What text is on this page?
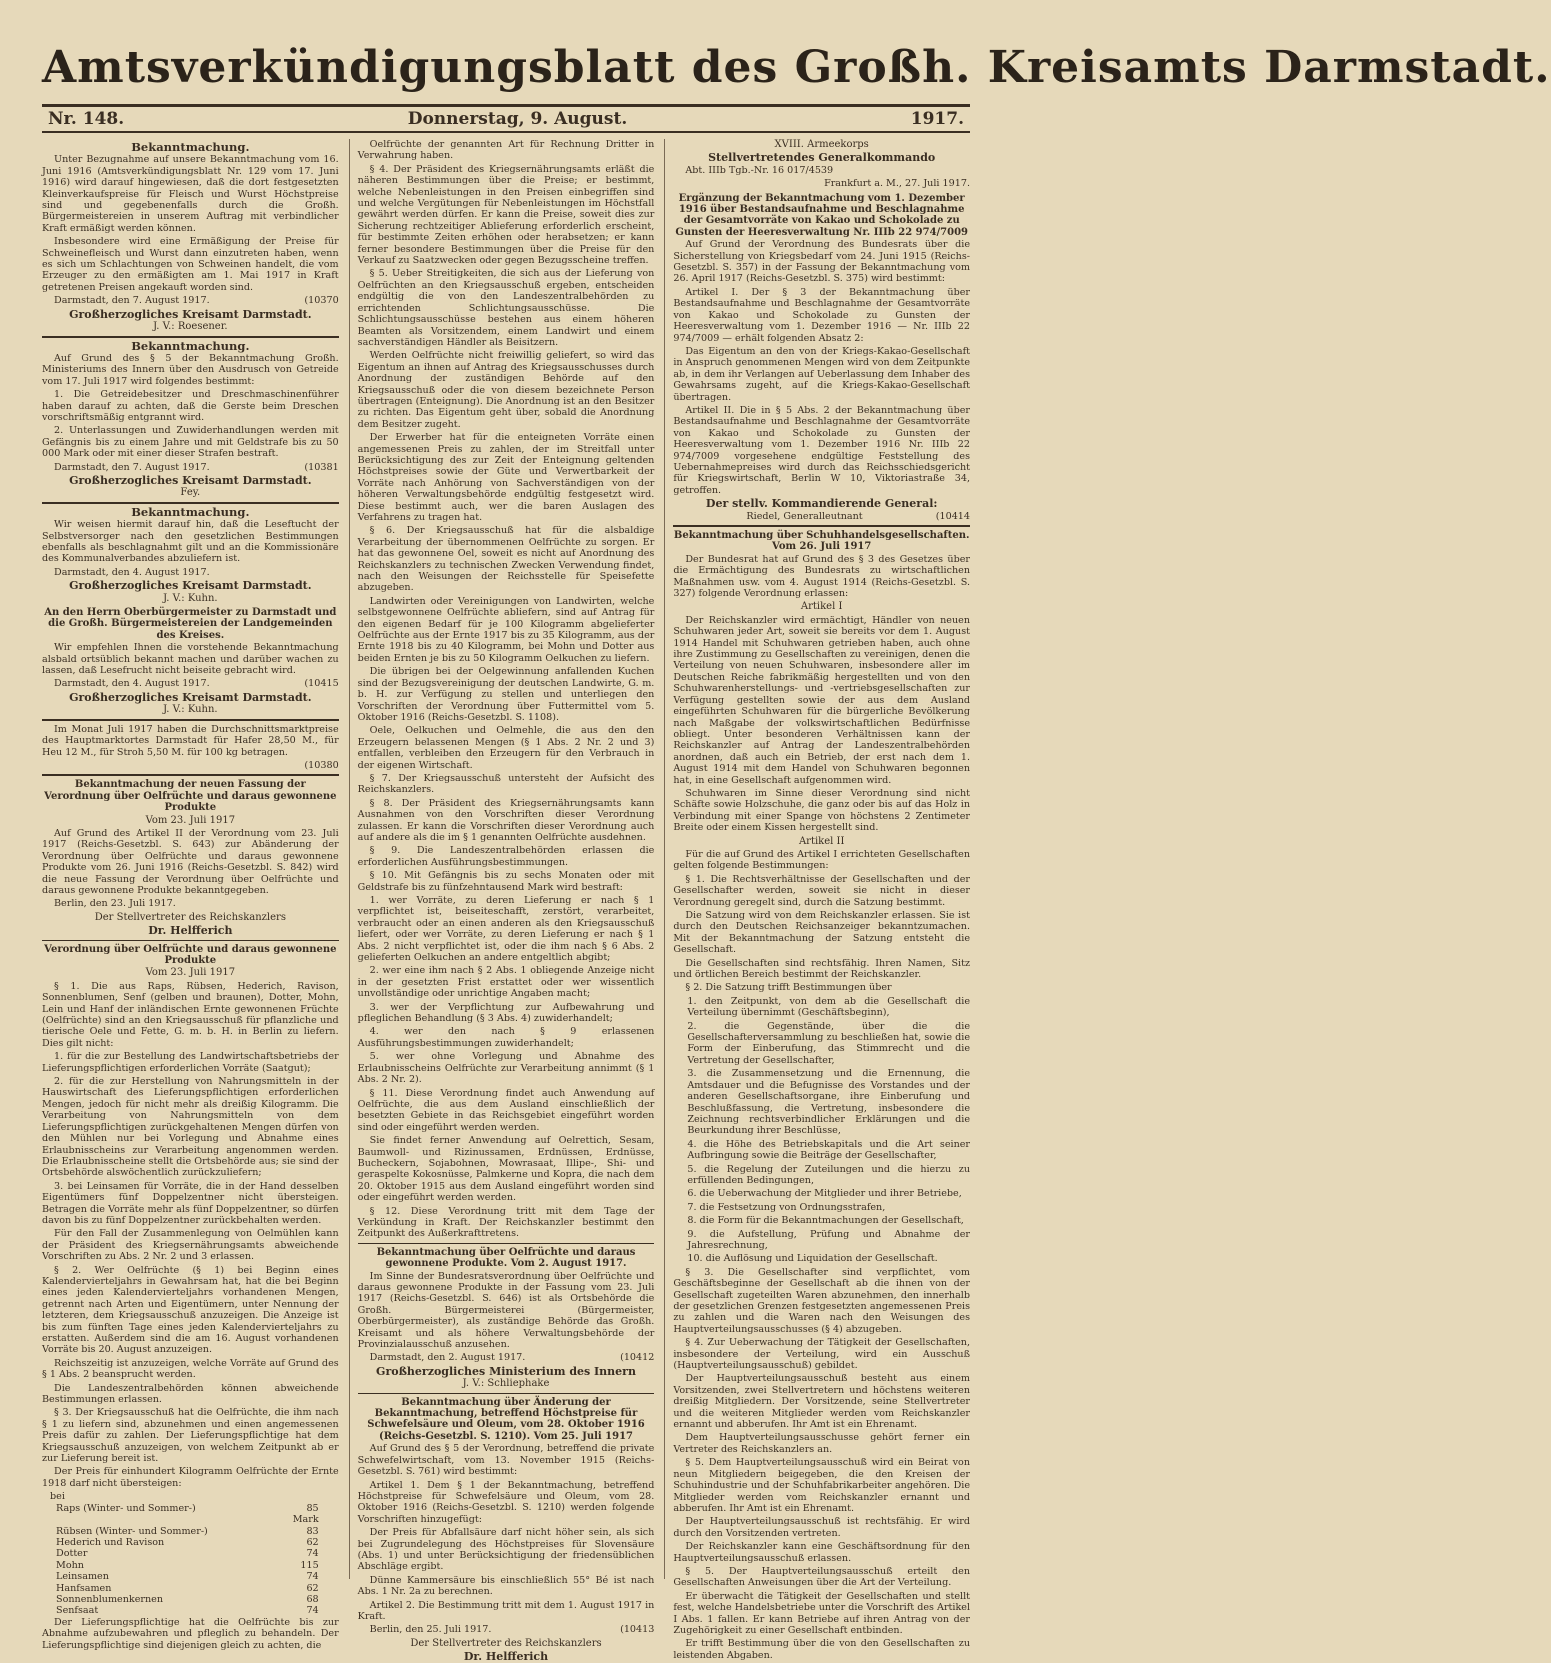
Amtsverkündigungsblatt des Großh. Kreisamts Darmstadt.
Nr. 148.	Donnerstag, 9. August.	1917.
Bekanntmachung.

Unter Bezugnahme auf unsere Bekanntmachung vom 16. Juni 1916 (Amtsverkündigungsblatt Nr. 129 vom 17. Juni 1916) wird darauf hingewiesen, daß die dort festgesetzten Kleinverkaufspreise für Fleisch und Wurst Höchstpreise sind und gegebenenfalls durch die Großh. Bürgermeistereien in unserem Auftrag mit verbindlicher Kraft ermäßigt werden können.

Insbesondere wird eine Ermäßigung der Preise für Schweinefleisch und Wurst dann einzutreten haben, wenn es sich um Schlachtungen von Schweinen handelt, die vom Erzeuger zu den ermäßigten am 1. Mai 1917 in Kraft getretenen Preisen angekauft worden sind.

Darmstadt, den 7. August 1917.	(10370

Großherzogliches Kreisamt Darmstadt.
J. V.: Roesener.
Bekanntmachung.

Auf Grund des § 5 der Bekanntmachung Großh. Ministeriums des Innern über den Ausdrusch von Getreide vom 17. Juli 1917 wird folgendes bestimmt:

1. Die Getreidebesitzer und Dreschmaschinenführer haben darauf zu achten, daß die Gerste beim Dreschen vorschriftsmäßig entgrannt wird.

2. Unterlassungen und Zuwiderhandlungen werden mit Gefängnis bis zu einem Jahre und mit Geldstrafe bis zu 50 000 Mark oder mit einer dieser Strafen bestraft.

Darmstadt, den 7. August 1917.	(10381

Großherzogliches Kreisamt Darmstadt.
Fey.
Bekanntmachung.

Wir weisen hiermit darauf hin, daß die Leseftucht der Selbstversorger nach den gesetzlichen Bestimmungen ebenfalls als beschlagnahmt gilt und an die Kommissionäre des Kommunalverbandes abzuliefern ist.

Darmstadt, den 4. August 1917.

Großherzogliches Kreisamt Darmstadt.
J. V.: Kuhn.
An den Herrn Oberbürgermeister zu Darmstadt und die Großh. Bürgermeistereien der Landgemeinden des Kreises.

Wir empfehlen Ihnen die vorstehende Bekanntmachung alsbald ortsüblich bekannt machen und darüber wachen zu lassen, daß Lesefrucht nicht beiseite gebracht wird.

Darmstadt, den 4. August 1917.	(10415

Großherzogliches Kreisamt Darmstadt.
J. V.: Kuhn.

Im Monat Juli 1917 haben die Durchschnittsmarktpreise des Hauptmarktortes Darmstadt für Hafer 28,50 M., für Heu 12 M., für Stroh 5,50 M. für 100 kg betragen.

(10380

Bekanntmachung der neuen Fassung der Verordnung über Oelfrüchte und daraus gewonnene Produkte
Vom 23. Juli 1917

Auf Grund des Artikel II der Verordnung vom 23. Juli 1917 (Reichs-Gesetzbl. S. 643) zur Abänderung der Verordnung über Oelfrüchte und daraus gewonnene Produkte vom 26. Juni 1916 (Reichs-Gesetzbl. S. 842) wird die neue Fassung der Verordnung über Oelfrüchte und daraus gewonnene Produkte bekanntgegeben.

Berlin, den 23. Juli 1917.

Der Stellvertreter des Reichskanzlers
Dr. Helfferich
Verordnung über Oelfrüchte und daraus gewonnene Produkte
Vom 23. Juli 1917

§ 1. Die aus Raps, Rübsen, Hederich, Ravison, Sonnenblumen, Senf (gelben und braunen), Dotter, Mohn, Lein und Hanf der inländischen Ernte gewonnenen Früchte (Oelfrüchte) sind an den Kriegsausschuß für pflanzliche und tierische Oele und Fette, G. m. b. H. in Berlin zu liefern. Dies gilt nicht:

1. für die zur Bestellung des Landwirtschaftsbetriebs der Lieferungspflichtigen erforderlichen Vorräte (Saatgut);

2. für die zur Herstellung von Nahrungsmitteln in der Hauswirtschaft des Lieferungspflichtigen erforderlichen Mengen, jedoch für nicht mehr als dreißig Kilogramm. Die Verarbeitung von Nahrungsmitteln von dem Lieferungspflichtigen zurückgehaltenen Mengen dürfen von den Mühlen nur bei Vorlegung und Abnahme eines Erlaubnisscheins zur Verarbeitung angenommen werden. Die Erlaubnisscheine stellt die Ortsbehörde aus; sie sind der Ortsbehörde alswöchentlich zurückzuliefern;

3. bei Leinsamen für Vorräte, die in der Hand desselben Eigentümers fünf Doppelzentner nicht übersteigen. Betragen die Vorräte mehr als fünf Doppelzentner, so dürfen davon bis zu fünf Doppelzentner zurückbehalten werden.

Für den Fall der Zusammenlegung von Oelmühlen kann der Präsident des Kriegsernährungsamts abweichende Vorschriften zu Abs. 2 Nr. 2 und 3 erlassen.

§ 2. Wer Oelfrüchte (§ 1) bei Beginn eines Kalendervierteljahrs in Gewahrsam hat, hat die bei Beginn eines jeden Kalendervierteljahrs vorhandenen Mengen, getrennt nach Arten und Eigentümern, unter Nennung der letzteren, dem Kriegsausschuß anzuzeigen. Die Anzeige ist bis zum fünften Tage eines jeden Kalendervierteljahrs zu erstatten. Außerdem sind die am 16. August vorhandenen Vorräte bis 20. August anzuzeigen.

Reichszeitig ist anzuzeigen, welche Vorräte auf Grund des § 1 Abs. 2 beansprucht werden.

Die Landeszentralbehörden können abweichende Bestimmungen erlassen.

§ 3. Der Kriegsausschuß hat die Oelfrüchte, die ihm nach § 1 zu liefern sind, abzunehmen und einen angemessenen Preis dafür zu zahlen. Der Lieferungspflichtige hat dem Kriegsausschuß anzuzeigen, von welchem Zeitpunkt ab er zur Lieferung bereit ist.

Der Preis für einhundert Kilogramm Oelfrüchte der Ernte 1918 darf nicht übersteigen:

bei
Raps (Winter- und Sommer-)	85 Mark
Rübsen (Winter- und Sommer-)	83
Hederich und Ravison	62
Dotter	74
Mohn	115
Leinsamen	74
Hanfsamen	62
Sonnenblumenkernen	68
Senfsaat	74

Der Lieferungspflichtige hat die Oelfrüchte bis zur Abnahme aufzubewahren und pfleglich zu behandeln. Der Lieferungspflichtige sind diejenigen gleich zu achten, die

Oelfrüchte der genannten Art für Rechnung Dritter in Verwahrung haben.

§ 4. Der Präsident des Kriegsernährungsamts erläßt die näheren Bestimmungen über die Preise; er bestimmt, welche Nebenleistungen in den Preisen einbegriffen sind und welche Vergütungen für Nebenleistungen im Höchstfall gewährt werden dürfen. Er kann die Preise, soweit dies zur Sicherung rechtzeitiger Ablieferung erforderlich erscheint, für bestimmte Zeiten erhöhen oder herabsetzen; er kann ferner besondere Bestimmungen über die Preise für den Verkauf zu Saatzwecken oder gegen Bezugsscheine treffen.

§ 5. Ueber Streitigkeiten, die sich aus der Lieferung von Oelfrüchten an den Kriegsausschuß ergeben, entscheiden endgültig die von den Landeszentralbehörden zu errichtenden Schlichtungsausschüsse. Die Schlichtungsausschüsse bestehen aus einem höheren Beamten als Vorsitzendem, einem Landwirt und einem sachverständigen Händler als Beisitzern.

Werden Oelfrüchte nicht freiwillig geliefert, so wird das Eigentum an ihnen auf Antrag des Kriegsausschusses durch Anordnung der zuständigen Behörde auf den Kriegsausschuß oder die von diesem bezeichnete Person übertragen (Enteignung). Die Anordnung ist an den Besitzer zu richten. Das Eigentum geht über, sobald die Anordnung dem Besitzer zugeht.

Der Erwerber hat für die enteigneten Vorräte einen angemessenen Preis zu zahlen, der im Streitfall unter Berücksichtigung des zur Zeit der Enteignung geltenden Höchstpreises sowie der Güte und Verwertbarkeit der Vorräte nach Anhörung von Sachverständigen von der höheren Verwaltungsbehörde endgültig festgesetzt wird. Diese bestimmt auch, wer die baren Auslagen des Verfahrens zu tragen hat.

§ 6. Der Kriegsausschuß hat für die alsbaldige Verarbeitung der übernommenen Oelfrüchte zu sorgen. Er hat das gewonnene Oel, soweit es nicht auf Anordnung des Reichskanzlers zu technischen Zwecken Verwendung findet, nach den Weisungen der Reichsstelle für Speisefette abzugeben.

Landwirten oder Vereinigungen von Landwirten, welche selbstgewonnene Oelfrüchte abliefern, sind auf Antrag für den eigenen Bedarf für je 100 Kilogramm abgelieferter Oelfrüchte aus der Ernte 1917 bis zu 35 Kilogramm, aus der Ernte 1918 bis zu 40 Kilogramm, bei Mohn und Dotter aus beiden Ernten je bis zu 50 Kilogramm Oelkuchen zu liefern.

Die übrigen bei der Oelgewinnung anfallenden Kuchen sind der Bezugsvereinigung der deutschen Landwirte, G. m. b. H. zur Verfügung zu stellen und unterliegen den Vorschriften der Verordnung über Futtermittel vom 5. Oktober 1916 (Reichs-Gesetzbl. S. 1108).

Oele, Oelkuchen und Oelmehle, die aus den den Erzeugern belassenen Mengen (§ 1 Abs. 2 Nr. 2 und 3) entfallen, verbleiben den Erzeugern für den Verbrauch in der eigenen Wirtschaft.

§ 7. Der Kriegsausschuß untersteht der Aufsicht des Reichskanzlers.

§ 8. Der Präsident des Kriegsernährungsamts kann Ausnahmen von den Vorschriften dieser Verordnung zulassen. Er kann die Vorschriften dieser Verordnung auch auf andere als die im § 1 genannten Oelfrüchte ausdehnen.

§ 9. Die Landeszentralbehörden erlassen die erforderlichen Ausführungsbestimmungen.

§ 10. Mit Gefängnis bis zu sechs Monaten oder mit Geldstrafe bis zu fünfzehntausend Mark wird bestraft:

1. wer Vorräte, zu deren Lieferung er nach § 1 verpflichtet ist, beiseiteschafft, zerstört, verarbeitet, verbraucht oder an einen anderen als den Kriegsausschuß liefert, oder wer Vorräte, zu deren Lieferung er nach § 1 Abs. 2 nicht verpflichtet ist, oder die ihm nach § 6 Abs. 2 gelieferten Oelkuchen an andere entgeltlich abgibt;

2. wer eine ihm nach § 2 Abs. 1 obliegende Anzeige nicht in der gesetzten Frist erstattet oder wer wissentlich unvollständige oder unrichtige Angaben macht;

3. wer der Verpflichtung zur Aufbewahrung und pfleglichen Behandlung (§ 3 Abs. 4) zuwiderhandelt;

4. wer den nach § 9 erlassenen Ausführungsbestimmungen zuwiderhandelt;

5. wer ohne Vorlegung und Abnahme des Erlaubnisscheins Oelfrüchte zur Verarbeitung annimmt (§ 1 Abs. 2 Nr. 2).

§ 11. Diese Verordnung findet auch Anwendung auf Oelfrüchte, die aus dem Ausland einschließlich der besetzten Gebiete in das Reichsgebiet eingeführt worden sind oder eingeführt werden werden.

Sie findet ferner Anwendung auf Oelrettich, Sesam, Baumwoll- und Rizinussamen, Erdnüssen, Erdnüsse, Bucheckern, Sojabohnen, Mowrasaat, Illipe-, Shi- und geraspelte Kokosnüsse, Palmkerne und Kopra, die nach dem 20. Oktober 1915 aus dem Ausland eingeführt worden sind oder eingeführt werden werden.

§ 12. Diese Verordnung tritt mit dem Tage der Verkündung in Kraft. Der Reichskanzler bestimmt den Zeitpunkt des Außerkrafttretens.

Bekanntmachung über Oelfrüchte und daraus gewonnene Produkte. Vom 2. August 1917.

Im Sinne der Bundesratsverordnung über Oelfrüchte und daraus gewonnene Produkte in der Fassung vom 23. Juli 1917 (Reichs-Gesetzbl. S. 646) ist als Ortsbehörde die Großh. Bürgermeisterei (Bürgermeister, Oberbürgermeister), als zuständige Behörde das Großh. Kreisamt und als höhere Verwaltungsbehörde der Provinzialausschuß anzusehen.

Darmstadt, den 2. August 1917.	(10412

Großherzogliches Ministerium des Innern
J. V.: Schliephake
Bekanntmachung über Änderung der Bekanntmachung, betreffend Höchstpreise für Schwefelsäure und Oleum, vom 28. Oktober 1916 (Reichs-Gesetzbl. S. 1210). Vom 25. Juli 1917

Auf Grund des § 5 der Verordnung, betreffend die private Schwefelwirtschaft, vom 13. November 1915 (Reichs-Gesetzbl. S. 761) wird bestimmt:

Artikel 1. Dem § 1 der Bekanntmachung, betreffend Höchstpreise für Schwefelsäure und Oleum, vom 28. Oktober 1916 (Reichs-Gesetzbl. S. 1210) werden folgende Vorschriften hinzugefügt:

Der Preis für Abfallsäure darf nicht höher sein, als sich bei Zugrundelegung des Höchstpreises für Slovensäure (Abs. 1) und unter Berücksichtigung der friedensüblichen Abschläge ergibt.

Dünne Kammersäure bis einschließlich 55° Bé ist nach Abs. 1 Nr. 2a zu berechnen.

Artikel 2. Die Bestimmung tritt mit dem 1. August 1917 in Kraft.

Berlin, den 25. Juli 1917.	(10413

Der Stellvertreter des Reichskanzlers
Dr. Helfferich
XVIII. Armeekorps
Stellvertretendes Generalkommando

Abt. IIIb Tgb.-Nr. 16 017/4539

Frankfurt a. M., 27. Juli 1917.

Ergänzung der Bekanntmachung vom 1. Dezember 1916 über Bestandsaufnahme und Beschlagnahme der Gesamtvorräte von Kakao und Schokolade zu Gunsten der Heeresverwaltung Nr. IIIb 22 974/7009

Auf Grund der Verordnung des Bundesrats über die Sicherstellung von Kriegsbedarf vom 24. Juni 1915 (Reichs-Gesetzbl. S. 357) in der Fassung der Bekanntmachung vom 26. April 1917 (Reichs-Gesetzbl. S. 375) wird bestimmt:

Artikel I. Der § 3 der Bekanntmachung über Bestandsaufnahme und Beschlagnahme der Gesamtvorräte von Kakao und Schokolade zu Gunsten der Heeresverwaltung vom 1. Dezember 1916 — Nr. IIIb 22 974/7009 — erhält folgenden Absatz 2:

Das Eigentum an den von der Kriegs-Kakao-Gesellschaft in Anspruch genommenen Mengen wird von dem Zeitpunkte ab, in dem ihr Verlangen auf Ueberlassung dem Inhaber des Gewahrsams zugeht, auf die Kriegs-Kakao-Gesellschaft übertragen.

Artikel II. Die in § 5 Abs. 2 der Bekanntmachung über Bestandsaufnahme und Beschlagnahme der Gesamtvorräte von Kakao und Schokolade zu Gunsten der Heeresverwaltung vom 1. Dezember 1916 Nr. IIIb 22 974/7009 vorgesehene endgültige Feststellung des Uebernahmepreises wird durch das Reichsschiedsgericht für Kriegswirtschaft, Berlin W 10, Viktoriastraße 34, getroffen.

Der stellv. Kommandierende General:

Riedel, Generalleutnant	(10414

Bekanntmachung über Schuhhandelsgesellschaften. Vom 26. Juli 1917

Der Bundesrat hat auf Grund des § 3 des Gesetzes über die Ermächtigung des Bundesrats zu wirtschaftlichen Maßnahmen usw. vom 4. August 1914 (Reichs-Gesetzbl. S. 327) folgende Verordnung erlassen:

Artikel I

Der Reichskanzler wird ermächtigt, Händler von neuen Schuhwaren jeder Art, soweit sie bereits vor dem 1. August 1914 Handel mit Schuhwaren getrieben haben, auch ohne ihre Zustimmung zu Gesellschaften zu vereinigen, denen die Verteilung von neuen Schuhwaren, insbesondere aller im Deutschen Reiche fabrikmäßig hergestellten und von den Schuhwarenherstellungs- und -vertriebsgesellschaften zur Verfügung gestellten sowie der aus dem Ausland eingeführten Schuhwaren für die bürgerliche Bevölkerung nach Maßgabe der volkswirtschaftlichen Bedürfnisse obliegt. Unter besonderen Verhältnissen kann der Reichskanzler auf Antrag der Landeszentralbehörden anordnen, daß auch ein Betrieb, der erst nach dem 1. August 1914 mit dem Handel von Schuhwaren begonnen hat, in eine Gesellschaft aufgenommen wird.

Schuhwaren im Sinne dieser Verordnung sind nicht Schäfte sowie Holzschuhe, die ganz oder bis auf das Holz in Verbindung mit einer Spange von höchstens 2 Zentimeter Breite oder einem Kissen hergestellt sind.

Artikel II

Für die auf Grund des Artikel I errichteten Gesellschaften gelten folgende Bestimmungen:

§ 1. Die Rechtsverhältnisse der Gesellschaften und der Gesellschafter werden, soweit sie nicht in dieser Verordnung geregelt sind, durch die Satzung bestimmt.

Die Satzung wird von dem Reichskanzler erlassen. Sie ist durch den Deutschen Reichsanzeiger bekanntzumachen. Mit der Bekanntmachung der Satzung entsteht die Gesellschaft.

Die Gesellschaften sind rechtsfähig. Ihren Namen, Sitz und örtlichen Bereich bestimmt der Reichskanzler.

§ 2. Die Satzung trifft Bestimmungen über

1. den Zeitpunkt, von dem ab die Gesellschaft die Verteilung übernimmt (Geschäftsbeginn),

2. die Gegenstände, über die die Gesellschafterversammlung zu beschließen hat, sowie die Form der Einberufung, das Stimmrecht und die Vertretung der Gesellschafter,

3. die Zusammensetzung und die Ernennung, die Amtsdauer und die Befugnisse des Vorstandes und der anderen Gesellschaftsorgane, ihre Einberufung und Beschlußfassung, die Vertretung, insbesondere die Zeichnung rechtsverbindlicher Erklärungen und die Beurkundung ihrer Beschlüsse,

4. die Höhe des Betriebskapitals und die Art seiner Aufbringung sowie die Beiträge der Gesellschafter,

5. die Regelung der Zuteilungen und die hierzu zu erfüllenden Bedingungen,

6. die Ueberwachung der Mitglieder und ihrer Betriebe,

7. die Festsetzung von Ordnungsstrafen,

8. die Form für die Bekanntmachungen der Gesellschaft,

9. die Aufstellung, Prüfung und Abnahme der Jahresrechnung,

10. die Auflösung und Liquidation der Gesellschaft.

§ 3. Die Gesellschafter sind verpflichtet, vom Geschäftsbeginne der Gesellschaft ab die ihnen von der Gesellschaft zugeteilten Waren abzunehmen, den innerhalb der gesetzlichen Grenzen festgesetzten angemessenen Preis zu zahlen und die Waren nach den Weisungen des Hauptverteilungsausschusses (§ 4) abzugeben.

§ 4. Zur Ueberwachung der Tätigkeit der Gesellschaften, insbesondere der Verteilung, wird ein Ausschuß (Hauptverteilungsausschuß) gebildet.

Der Hauptverteilungsausschuß besteht aus einem Vorsitzenden, zwei Stellvertretern und höchstens weiteren dreißig Mitgliedern. Der Vorsitzende, seine Stellvertreter und die weiteren Mitglieder werden vom Reichskanzler ernannt und abberufen. Ihr Amt ist ein Ehrenamt.

Dem Hauptverteilungsausschusse gehört ferner ein Vertreter des Reichskanzlers an.

§ 5. Dem Hauptverteilungsausschuß wird ein Beirat von neun Mitgliedern beigegeben, die den Kreisen der Schuhindustrie und der Schuhfabrikarbeiter angehören. Die Mitglieder werden vom Reichskanzler ernannt und abberufen. Ihr Amt ist ein Ehrenamt.

Der Hauptverteilungsausschuß ist rechtsfähig. Er wird durch den Vorsitzenden vertreten.

Der Reichskanzler kann eine Geschäftsordnung für den Hauptverteilungsausschuß erlassen.

§ 5. Der Hauptverteilungsausschuß erteilt den Gesellschaften Anweisungen über die Art der Verteilung.

Er überwacht die Tätigkeit der Gesellschaften und stellt fest, welche Handelsbetriebe unter die Vorschrift des Artikel I Abs. 1 fallen. Er kann Betriebe auf ihren Antrag von der Zugehörigkeit zu einer Gesellschaft entbinden.

Er trifft Bestimmung über die von den Gesellschaften zu leistenden Abgaben.
